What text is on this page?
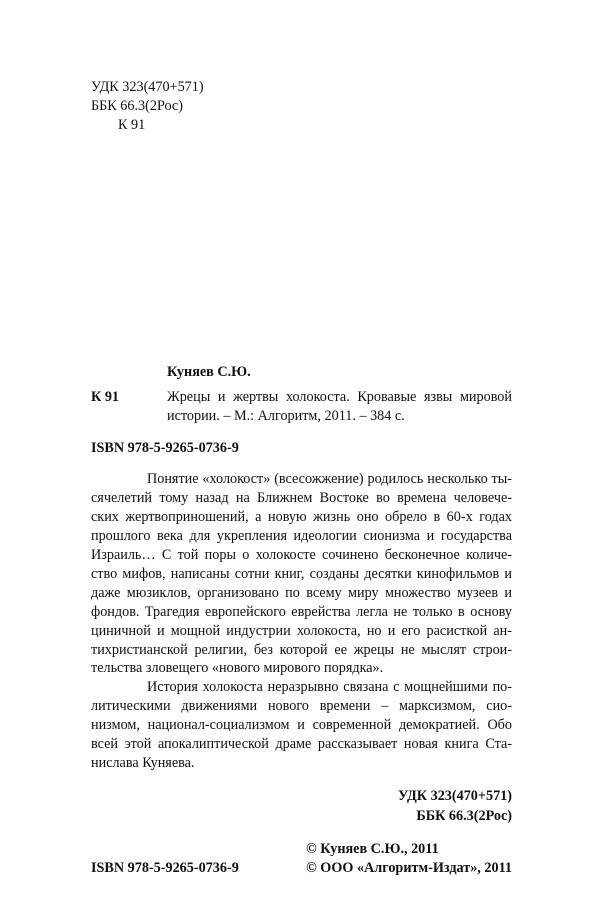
УДК 323(470+571)
ББК 66.3(2Рос)
К 91
Куняев С.Ю.
К 91	Жрецы и жертвы холокоста. Кровавые язвы мировой
истории. – М.: Алгоритм, 2011. – 384 с.
ISBN 978-5-9265-0736-9
Понятие «холокост» (всесожжение) родилось несколько ты-
сячелетий тому назад на Ближнем Востоке во времена человече-
ских жертвоприношений, а новую жизнь оно обрело в 60-х годах
прошлого века для укрепления идеологии сионизма и государства
Израиль… С той поры о холокосте сочинено бесконечное количе-
ство мифов, написаны сотни книг, созданы десятки кинофильмов и
даже мюзиклов, организовано по всему миру множество музеев и
фондов. Трагедия европейского еврейства легла не только в основу
циничной и мощной индустрии холокоста, но и его расисткой ан-
тихристианской религии, без которой ее жрецы не мыслят строи-
тельства зловещего «нового мирового порядка».
История холокоста неразрывно связана с мощнейшими по-
литическими движениями нового времени – марксизмом, сио-
низмом, национал-социализмом и современной демократией. Обо
всей этой апокалиптической драме рассказывает новая книга Ста-
нислава Куняева.
УДК 323(470+571)
ББК 66.3(2Рос)
ISBN 978-5-9265-0736-9
© Куняев С.Ю., 2011
© ООО «Алгоритм-Издат», 2011
